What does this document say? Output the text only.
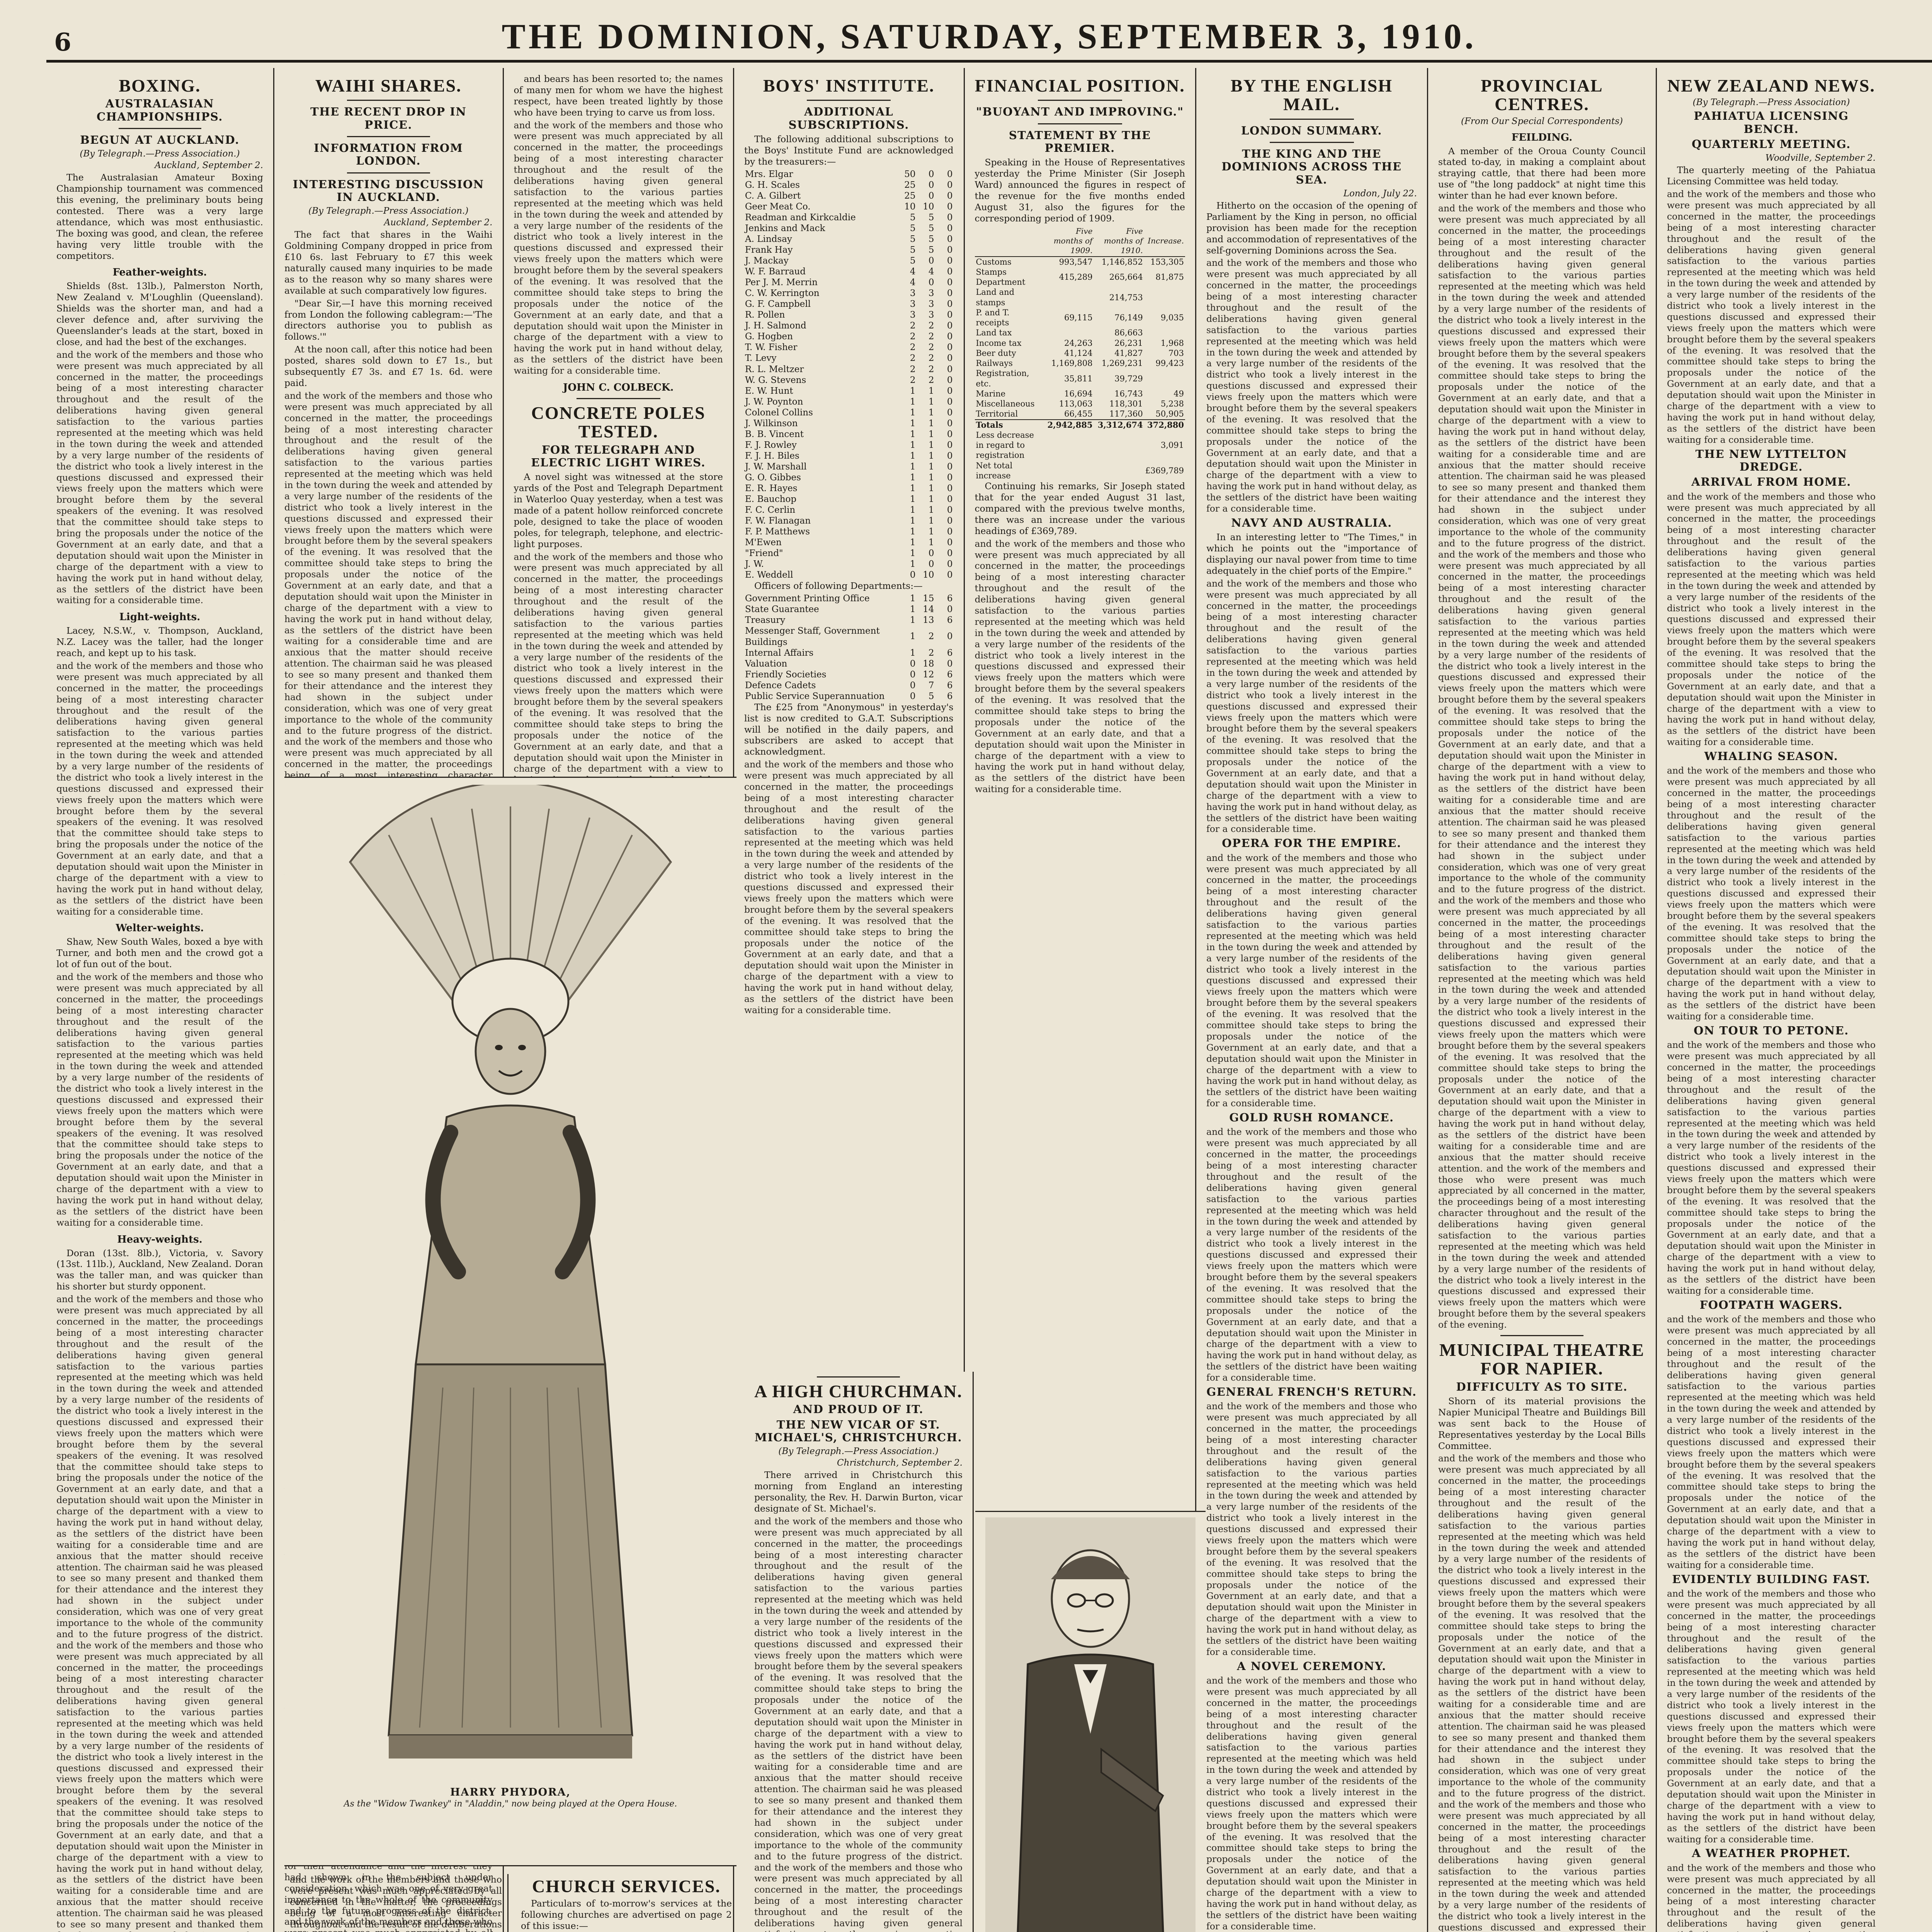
6	THE DOMINION, SATURDAY, SEPTEMBER 3, 1910.
BOXING.
AUSTRALASIAN CHAMPIONSHIPS.
BEGUN AT AUCKLAND.
(By Telegraph.—Press Association.)
Auckland, September 2.

The Australasian Amateur Boxing Championship tournament was commenced this evening, the preliminary bouts being contested. There was a very large attendance, which was most enthusiastic. The boxing was good, and clean, the referee having very little trouble with the competitors.

Feather-weights.

Shields (8st. 13lb.), Palmerston North, New Zealand v. M'Loughlin (Queensland). Shields was the shorter man, and had a clever defence and, after surviving the Queenslander's leads at the start, boxed in close, and had the best of the exchanges.

and the work of the members and those who were present was much appreciated by all concerned in the matter, the proceedings being of a most interesting character throughout and the result of the deliberations having given general satisfaction to the various parties represented at the meeting which was held in the town during the week and attended by a very large number of the residents of the district who took a lively interest in the questions discussed and expressed their views freely upon the matters which were brought before them by the several speakers of the evening. It was resolved that the committee should take steps to bring the proposals under the notice of the Government at an early date, and that a deputation should wait upon the Minister in charge of the department with a view to having the work put in hand without delay, as the settlers of the district have been waiting for a considerable time.
Light-weights.

Lacey, N.S.W., v. Thompson, Auckland, N.Z. Lacey was the taller, had the longer reach, and kept up to his task.

and the work of the members and those who were present was much appreciated by all concerned in the matter, the proceedings being of a most interesting character throughout and the result of the deliberations having given general satisfaction to the various parties represented at the meeting which was held in the town during the week and attended by a very large number of the residents of the district who took a lively interest in the questions discussed and expressed their views freely upon the matters which were brought before them by the several speakers of the evening. It was resolved that the committee should take steps to bring the proposals under the notice of the Government at an early date, and that a deputation should wait upon the Minister in charge of the department with a view to having the work put in hand without delay, as the settlers of the district have been waiting for a considerable time.
Welter-weights.

Shaw, New South Wales, boxed a bye with Turner, and both men and the crowd got a lot of fun out of the bout.

and the work of the members and those who were present was much appreciated by all concerned in the matter, the proceedings being of a most interesting character throughout and the result of the deliberations having given general satisfaction to the various parties represented at the meeting which was held in the town during the week and attended by a very large number of the residents of the district who took a lively interest in the questions discussed and expressed their views freely upon the matters which were brought before them by the several speakers of the evening. It was resolved that the committee should take steps to bring the proposals under the notice of the Government at an early date, and that a deputation should wait upon the Minister in charge of the department with a view to having the work put in hand without delay, as the settlers of the district have been waiting for a considerable time.
Heavy-weights.

Doran (13st. 8lb.), Victoria, v. Savory (13st. 11lb.), Auckland, New Zealand. Doran was the taller man, and was quicker than his shorter but sturdy opponent.

and the work of the members and those who were present was much appreciated by all concerned in the matter, the proceedings being of a most interesting character throughout and the result of the deliberations having given general satisfaction to the various parties represented at the meeting which was held in the town during the week and attended by a very large number of the residents of the district who took a lively interest in the questions discussed and expressed their views freely upon the matters which were brought before them by the several speakers of the evening. It was resolved that the committee should take steps to bring the proposals under the notice of the Government at an early date, and that a deputation should wait upon the Minister in charge of the department with a view to having the work put in hand without delay, as the settlers of the district have been waiting for a considerable time and are anxious that the matter should receive attention. The chairman said he was pleased to see so many present and thanked them for their attendance and the interest they had shown in the subject under consideration, which was one of very great importance to the whole of the community and to the future progress of the district. and the work of the members and those who were present was much appreciated by all concerned in the matter, the proceedings being of a most interesting character throughout and the result of the deliberations having given general satisfaction to the various parties represented at the meeting which was held in the town during the week and attended by a very large number of the residents of the district who took a lively interest in the questions discussed and expressed their views freely upon the matters which were brought before them by the several speakers of the evening. It was resolved that the committee should take steps to bring the proposals under the notice of the Government at an early date, and that a deputation should wait upon the Minister in charge of the department with a view to having the work put in hand without delay, as the settlers of the district have been waiting for a considerable time and are anxious that the matter should receive attention. The chairman said he was pleased to see so many present and thanked them for their attendance and the interest they had shown in the subject under consideration, which was one of very great importance to the whole of the community and to the future progress of the district. and the work of the members and those who were present was much appreciated by all concerned in the matter, the proceedings being of a most interesting character throughout and the result of the deliberations having given general satisfaction to the various parties represented at the meeting which was held in the town during the week and attended by a very large number of the residents of the district who took a lively interest in the questions discussed and expressed their views freely upon the matters which were brought before them by the several speakers of the evening. It was resolved that the committee should take steps to bring the proposals under the notice of the Government at an early date, and that a deputation should wait upon the Minister in charge of the department with a view to having the work put in hand without delay, as the settlers of the district have been waiting for a considerable time and are anxious that the matter should receive attention. and the work of the members and those who were present was much appreciated by all concerned in the matter, the proceedings being of a most interesting character throughout and the result of the deliberations having given general satisfaction to the various parties represented at the meeting which was held in the town during the week and attended by a very large number of the residents of the district who took a lively interest in the questions discussed and expressed their views freely upon the matters which were brought before them by the several speakers of the evening.

WAIHI SHARES.
THE RECENT DROP IN PRICE.
INFORMATION FROM LONDON.
INTERESTING DISCUSSION IN AUCKLAND.
(By Telegraph.—Press Association.)
Auckland, September 2.

The fact that shares in the Waihi Goldmining Company dropped in price from £10 6s. last February to £7 this week naturally caused many inquiries to be made as to the reason why so many shares were available at such comparatively low figures.

"Dear Sir,—I have this morning received from London the following cablegram:—'The directors authorise you to publish as follows.'"

At the noon call, after this notice had been posted, shares sold down to £7 1s., but subsequently £7 3s. and £7 1s. 6d. were paid.

and the work of the members and those who were present was much appreciated by all concerned in the matter, the proceedings being of a most interesting character throughout and the result of the deliberations having given general satisfaction to the various parties represented at the meeting which was held in the town during the week and attended by a very large number of the residents of the district who took a lively interest in the questions discussed and expressed their views freely upon the matters which were brought before them by the several speakers of the evening. It was resolved that the committee should take steps to bring the proposals under the notice of the Government at an early date, and that a deputation should wait upon the Minister in charge of the department with a view to having the work put in hand without delay, as the settlers of the district have been waiting for a considerable time and are anxious that the matter should receive attention. The chairman said he was pleased to see so many present and thanked them for their attendance and the interest they had shown in the subject under consideration, which was one of very great importance to the whole of the community and to the future progress of the district. and the work of the members and those who were present was much appreciated by all concerned in the matter, the proceedings being of a most interesting character throughout and the result of the deliberations having given general satisfaction to the various parties represented at the meeting which was held in the town during the week and attended by a very large number of the residents of the district who took a lively interest in the questions discussed and expressed their views freely upon the matters which were brought before them by the several speakers of the evening. It was resolved that the committee should take steps to bring the proposals under the notice of the Government at an early date, and that a deputation should wait upon the Minister in charge of the department with a view to having the work put in hand without delay, as the settlers of the district have been waiting for a considerable time and are anxious that the matter should receive attention. The chairman said he was pleased to see so many present and thanked them for their attendance and the interest they had shown in the subject under consideration, which was one of very great importance to the whole of the community and to the future progress of the district. and the work of the members and those who were present was much appreciated by all concerned in the matter, the proceedings being of a most interesting character throughout and the result of the deliberations having given general satisfaction to the various parties represented at the meeting which was held in the town during the week and attended by a very large number of the residents of the district who took a lively interest in the questions discussed and expressed their views freely upon the matters which were brought before them by the several speakers of the evening. It was resolved that the committee should take steps to bring the proposals under the notice of the Government at an early date, and that a deputation should wait upon the Minister in charge of the department with a view to having the work put in hand without delay, as the settlers of the district have been waiting for a considerable time and are anxious that the matter should receive attention. and the work of the members and those who were present was much appreciated by all concerned in the matter, the proceedings being of a most interesting character throughout and the result of the deliberations having given general satisfaction to the various parties represented at the meeting which was held in the town during the week and attended by a very large number of the residents of the district who took a lively interest in the questions discussed and expressed their views freely upon the matters which were brought before them by the several speakers of the evening.

and the work of the members and those who were present was much appreciated by all concerned in the matter, the proceedings being of a most interesting character throughout and the result of the deliberations having given general satisfaction to the various parties represented at the meeting which was held in the town during the week and attended by a very large number of the residents of the district who took a lively interest in the questions discussed and expressed their views freely upon the matters which were brought before them by the several speakers of the evening. It was resolved that the committee should take steps to bring the proposals under the notice of the Government at an early date, and that a deputation should wait upon the Minister in charge of the department with a view to having the work put in hand without delay, as the settlers of the district have been waiting for a considerable time and are anxious that the matter should receive attention. The chairman said he was pleased to see so many present and thanked them for their attendance and the interest they had shown in the subject under consideration, which was one of very great importance to the whole of the community and to the future progress of the district. and the work of the members and those who were present was much appreciated by all concerned in the matter, the proceedings being of a most interesting character throughout and the result of the deliberations having given general satisfaction to the various parties represented at the meeting which was held in the town during the week and attended by a very large number of the residents of the district who took a lively interest in the questions discussed and expressed their views freely upon the matters which were brought before them by the several speakers of the evening. It was resolved that the committee should take steps to bring the proposals under the notice of the Government at an early date, and that a deputation should wait upon the Minister in charge of the department with a view to having the work put in hand without delay, as the settlers of the district have been waiting for a considerable time and are anxious that the matter should receive attention. The chairman said he was pleased to see so many present and thanked them for their attendance and the interest they had shown in the subject under consideration, which was one of very great importance to the whole of the community and to the future progress of the district. and the work of the members and those who were present was much appreciated by all concerned in the matter, the proceedings being of a most interesting character throughout and the result of the deliberations having given general satisfaction to the various parties represented at the meeting which was held in the town during the week and attended by a very large number of the residents of the district who took a lively interest in the questions discussed and expressed their views freely upon the matters which were brought before them by the several speakers of the evening. It was resolved that the committee should take steps to bring the proposals under the notice of the Government at an early date, and that a deputation should wait upon the Minister in charge of the department with a view to having the work put in hand without delay, as the settlers of the district have been waiting for a considerable time and are anxious that the matter should receive attention. and the work of the members and those who were present was much appreciated by all concerned in the matter, the proceedings being of a most interesting character throughout and the result of the deliberations having given general satisfaction to the various parties represented at the meeting which was held in the town during the week and attended by a very large number of the residents of the district who took a lively interest in the questions discussed and expressed their views freely upon the matters which were brought before them by the several speakers of the evening.

and bears has been resorted to; the names of many men for whom we have the highest respect, have been treated lightly by those who have been trying to carve us from loss.

and the work of the members and those who were present was much appreciated by all concerned in the matter, the proceedings being of a most interesting character throughout and the result of the deliberations having given general satisfaction to the various parties represented at the meeting which was held in the town during the week and attended by a very large number of the residents of the district who took a lively interest in the questions discussed and expressed their views freely upon the matters which were brought before them by the several speakers of the evening. It was resolved that the committee should take steps to bring the proposals under the notice of the Government at an early date, and that a deputation should wait upon the Minister in charge of the department with a view to having the work put in hand without delay, as the settlers of the district have been waiting for a considerable time.
JOHN C. COLBECK.
CONCRETE POLES TESTED.
FOR TELEGRAPH AND ELECTRIC LIGHT WIRES.

A novel sight was witnessed at the store yards of the Post and Telegraph Department in Waterloo Quay yesterday, when a test was made of a patent hollow reinforced concrete pole, designed to take the place of wooden poles, for telegraph, telephone, and electric-light purposes.

and the work of the members and those who were present was much appreciated by all concerned in the matter, the proceedings being of a most interesting character throughout and the result of the deliberations having given general satisfaction to the various parties represented at the meeting which was held in the town during the week and attended by a very large number of the residents of the district who took a lively interest in the questions discussed and expressed their views freely upon the matters which were brought before them by the several speakers of the evening. It was resolved that the committee should take steps to bring the proposals under the notice of the Government at an early date, and that a deputation should wait upon the Minister in charge of the department with a view to having the work put in hand without delay, as the settlers of the district have been waiting for a considerable time.
BOYS' INSTITUTE.
ADDITIONAL SUBSCRIPTIONS.

The following additional subscriptions to the Boys' Institute Fund are acknowledged by the treasurers:—

Mrs. Elgar	50	0	0
G. H. Scales	25	0	0
C. A. Gilbert	25	0	0
Geer Meat Co.	10	10	0
Readman and Kirkcaldie	5	5	0
Jenkins and Mack	5	5	0
A. Lindsay	5	5	0
Frank Hay	5	5	0
J. Mackay	5	0	0
W. F. Barraud	4	4	0
Per J. M. Merrin	4	0	0
C. W. Kerrington	3	3	0
G. F. Campbell	3	3	0
R. Pollen	3	3	0
J. H. Salmond	2	2	0
G. Hogben	2	2	0
T. W. Fisher	2	2	0
T. Levy	2	2	0
R. L. Meltzer	2	2	0
W. G. Stevens	2	2	0
E. W. Hunt	1	1	0
J. W. Poynton	1	1	0
Colonel Collins	1	1	0
J. Wilkinson	1	1	0
B. B. Vincent	1	1	0
F. J. Rowley	1	1	0
F. J. H. Biles	1	1	0
J. W. Marshall	1	1	0
G. O. Gibbes	1	1	0
E. R. Hayes	1	1	0
E. Bauchop	1	1	0
F. C. Cerlin	1	1	0
F. W. Flanagan	1	1	0
F. P. Matthews	1	1	0
M'Ewen	1	1	0
"Friend"	1	0	0
J. W.	1	0	0
E. Weddell	0	10	0

Officers of following Departments:—

Government Printing Office	1	15	6
State Guarantee	1	14	0
Treasury	1	13	6
Messenger Staff, Government Buildings	1	2	0
Internal Affairs	1	2	6
Valuation	0	18	0
Friendly Societies	0	12	6
Defence Cadets	0	7	6
Public Service Superannuation	0	5	6

The £25 from "Anonymous" in yesterday's list is now credited to G.A.T. Subscriptions will be notified in the daily papers, and subscribers are asked to accept that acknowledgment.

and the work of the members and those who were present was much appreciated by all concerned in the matter, the proceedings being of a most interesting character throughout and the result of the deliberations having given general satisfaction to the various parties represented at the meeting which was held in the town during the week and attended by a very large number of the residents of the district who took a lively interest in the questions discussed and expressed their views freely upon the matters which were brought before them by the several speakers of the evening. It was resolved that the committee should take steps to bring the proposals under the notice of the Government at an early date, and that a deputation should wait upon the Minister in charge of the department with a view to having the work put in hand without delay, as the settlers of the district have been waiting for a considerable time.
FINANCIAL POSITION.
"BUOYANT AND IMPROVING."
STATEMENT BY THE PREMIER.

Speaking in the House of Representatives yesterday the Prime Minister (Sir Joseph Ward) announced the figures in respect of the revenue for the five months ended August 31, also the figures for the corresponding period of 1909.

	Five months of 1909.	Five months of 1910.	Increase.
Customs	993,547	1,146,852	153,305
Stamps Department	415,289	265,664	81,875
Land and stamps		214,753	
P. and T. receipts	69,115	76,149	9,035
Land tax		86,663	
Income tax	24,263	26,231	1,968
Beer duty	41,124	41,827	703
Railways	1,169,808	1,269,231	99,423
Registration, etc.	35,811	39,729	
Marine	16,694	16,743	49
Miscellaneous	113,063	118,301	5,238
Territorial	66,455	117,360	50,905
Totals	2,942,885	3,312,674	372,880
Less decrease in regard to registration			3,091
Net total increase			£369,789

Continuing his remarks, Sir Joseph stated that for the year ended August 31 last, compared with the previous twelve months, there was an increase under the various headings of £369,789.

and the work of the members and those who were present was much appreciated by all concerned in the matter, the proceedings being of a most interesting character throughout and the result of the deliberations having given general satisfaction to the various parties represented at the meeting which was held in the town during the week and attended by a very large number of the residents of the district who took a lively interest in the questions discussed and expressed their views freely upon the matters which were brought before them by the several speakers of the evening. It was resolved that the committee should take steps to bring the proposals under the notice of the Government at an early date, and that a deputation should wait upon the Minister in charge of the department with a view to having the work put in hand without delay, as the settlers of the district have been waiting for a considerable time.
BY THE ENGLISH MAIL.
LONDON SUMMARY.
THE KING AND THE DOMINIONS ACROSS THE SEA.
London, July 22.

Hitherto on the occasion of the opening of Parliament by the King in person, no official provision has been made for the reception and accommodation of representatives of the self-governing Dominions across the Sea.

and the work of the members and those who were present was much appreciated by all concerned in the matter, the proceedings being of a most interesting character throughout and the result of the deliberations having given general satisfaction to the various parties represented at the meeting which was held in the town during the week and attended by a very large number of the residents of the district who took a lively interest in the questions discussed and expressed their views freely upon the matters which were brought before them by the several speakers of the evening. It was resolved that the committee should take steps to bring the proposals under the notice of the Government at an early date, and that a deputation should wait upon the Minister in charge of the department with a view to having the work put in hand without delay, as the settlers of the district have been waiting for a considerable time.
NAVY AND AUSTRALIA.

In an interesting letter to "The Times," in which he points out the "importance of displaying our naval power from time to time adequately in the chief ports of the Empire."

and the work of the members and those who were present was much appreciated by all concerned in the matter, the proceedings being of a most interesting character throughout and the result of the deliberations having given general satisfaction to the various parties represented at the meeting which was held in the town during the week and attended by a very large number of the residents of the district who took a lively interest in the questions discussed and expressed their views freely upon the matters which were brought before them by the several speakers of the evening. It was resolved that the committee should take steps to bring the proposals under the notice of the Government at an early date, and that a deputation should wait upon the Minister in charge of the department with a view to having the work put in hand without delay, as the settlers of the district have been waiting for a considerable time.
OPERA FOR THE EMPIRE.
and the work of the members and those who were present was much appreciated by all concerned in the matter, the proceedings being of a most interesting character throughout and the result of the deliberations having given general satisfaction to the various parties represented at the meeting which was held in the town during the week and attended by a very large number of the residents of the district who took a lively interest in the questions discussed and expressed their views freely upon the matters which were brought before them by the several speakers of the evening. It was resolved that the committee should take steps to bring the proposals under the notice of the Government at an early date, and that a deputation should wait upon the Minister in charge of the department with a view to having the work put in hand without delay, as the settlers of the district have been waiting for a considerable time.
GOLD RUSH ROMANCE.
and the work of the members and those who were present was much appreciated by all concerned in the matter, the proceedings being of a most interesting character throughout and the result of the deliberations having given general satisfaction to the various parties represented at the meeting which was held in the town during the week and attended by a very large number of the residents of the district who took a lively interest in the questions discussed and expressed their views freely upon the matters which were brought before them by the several speakers of the evening. It was resolved that the committee should take steps to bring the proposals under the notice of the Government at an early date, and that a deputation should wait upon the Minister in charge of the department with a view to having the work put in hand without delay, as the settlers of the district have been waiting for a considerable time.
GENERAL FRENCH'S RETURN.
and the work of the members and those who were present was much appreciated by all concerned in the matter, the proceedings being of a most interesting character throughout and the result of the deliberations having given general satisfaction to the various parties represented at the meeting which was held in the town during the week and attended by a very large number of the residents of the district who took a lively interest in the questions discussed and expressed their views freely upon the matters which were brought before them by the several speakers of the evening. It was resolved that the committee should take steps to bring the proposals under the notice of the Government at an early date, and that a deputation should wait upon the Minister in charge of the department with a view to having the work put in hand without delay, as the settlers of the district have been waiting for a considerable time.
A NOVEL CEREMONY.
and the work of the members and those who were present was much appreciated by all concerned in the matter, the proceedings being of a most interesting character throughout and the result of the deliberations having given general satisfaction to the various parties represented at the meeting which was held in the town during the week and attended by a very large number of the residents of the district who took a lively interest in the questions discussed and expressed their views freely upon the matters which were brought before them by the several speakers of the evening. It was resolved that the committee should take steps to bring the proposals under the notice of the Government at an early date, and that a deputation should wait upon the Minister in charge of the department with a view to having the work put in hand without delay, as the settlers of the district have been waiting for a considerable time.
PROVINCIAL CENTRES.
(From Our Special Correspondents)
FEILDING.

A member of the Oroua County Council stated to-day, in making a complaint about straying cattle, that there had been more use of "the long paddock" at night time this winter than he had ever known before.

and the work of the members and those who were present was much appreciated by all concerned in the matter, the proceedings being of a most interesting character throughout and the result of the deliberations having given general satisfaction to the various parties represented at the meeting which was held in the town during the week and attended by a very large number of the residents of the district who took a lively interest in the questions discussed and expressed their views freely upon the matters which were brought before them by the several speakers of the evening. It was resolved that the committee should take steps to bring the proposals under the notice of the Government at an early date, and that a deputation should wait upon the Minister in charge of the department with a view to having the work put in hand without delay, as the settlers of the district have been waiting for a considerable time and are anxious that the matter should receive attention. The chairman said he was pleased to see so many present and thanked them for their attendance and the interest they had shown in the subject under consideration, which was one of very great importance to the whole of the community and to the future progress of the district. and the work of the members and those who were present was much appreciated by all concerned in the matter, the proceedings being of a most interesting character throughout and the result of the deliberations having given general satisfaction to the various parties represented at the meeting which was held in the town during the week and attended by a very large number of the residents of the district who took a lively interest in the questions discussed and expressed their views freely upon the matters which were brought before them by the several speakers of the evening. It was resolved that the committee should take steps to bring the proposals under the notice of the Government at an early date, and that a deputation should wait upon the Minister in charge of the department with a view to having the work put in hand without delay, as the settlers of the district have been waiting for a considerable time and are anxious that the matter should receive attention. The chairman said he was pleased to see so many present and thanked them for their attendance and the interest they had shown in the subject under consideration, which was one of very great importance to the whole of the community and to the future progress of the district. and the work of the members and those who were present was much appreciated by all concerned in the matter, the proceedings being of a most interesting character throughout and the result of the deliberations having given general satisfaction to the various parties represented at the meeting which was held in the town during the week and attended by a very large number of the residents of the district who took a lively interest in the questions discussed and expressed their views freely upon the matters which were brought before them by the several speakers of the evening. It was resolved that the committee should take steps to bring the proposals under the notice of the Government at an early date, and that a deputation should wait upon the Minister in charge of the department with a view to having the work put in hand without delay, as the settlers of the district have been waiting for a considerable time and are anxious that the matter should receive attention. and the work of the members and those who were present was much appreciated by all concerned in the matter, the proceedings being of a most interesting character throughout and the result of the deliberations having given general satisfaction to the various parties represented at the meeting which was held in the town during the week and attended by a very large number of the residents of the district who took a lively interest in the questions discussed and expressed their views freely upon the matters which were brought before them by the several speakers of the evening.
MUNICIPAL THEATRE FOR NAPIER.
DIFFICULTY AS TO SITE.

Shorn of its material provisions the Napier Municipal Theatre and Buildings Bill was sent back to the House of Representatives yesterday by the Local Bills Committee.

and the work of the members and those who were present was much appreciated by all concerned in the matter, the proceedings being of a most interesting character throughout and the result of the deliberations having given general satisfaction to the various parties represented at the meeting which was held in the town during the week and attended by a very large number of the residents of the district who took a lively interest in the questions discussed and expressed their views freely upon the matters which were brought before them by the several speakers of the evening. It was resolved that the committee should take steps to bring the proposals under the notice of the Government at an early date, and that a deputation should wait upon the Minister in charge of the department with a view to having the work put in hand without delay, as the settlers of the district have been waiting for a considerable time and are anxious that the matter should receive attention. The chairman said he was pleased to see so many present and thanked them for their attendance and the interest they had shown in the subject under consideration, which was one of very great importance to the whole of the community and to the future progress of the district. and the work of the members and those who were present was much appreciated by all concerned in the matter, the proceedings being of a most interesting character throughout and the result of the deliberations having given general satisfaction to the various parties represented at the meeting which was held in the town during the week and attended by a very large number of the residents of the district who took a lively interest in the questions discussed and expressed their views freely upon the matters which were brought before them by the several speakers of the evening. It was resolved that the committee should take steps to bring the proposals under the notice of the Government at an early date, and that a deputation should wait upon the Minister in charge of the department with a view to having the work put in hand without delay, as the settlers of the district have been waiting for a considerable time and are anxious that the matter should receive attention. The chairman said he was pleased to see so many present and thanked them for their attendance and the interest they had shown in the subject under consideration, which was one of very great importance to the whole of the community and to the future progress of the district. and the work of the members and those who were present was much appreciated by all concerned in the matter, the proceedings being of a most interesting character throughout and the result of the deliberations having given general satisfaction to the various parties represented at the meeting which was held in the town during the week and attended by a very large number of the residents of the district who took a lively interest in the questions discussed and expressed their views freely upon the matters which were brought before them by the several speakers of the evening. It was resolved that the committee should take steps to bring the proposals under the notice of the Government at an early date, and that a deputation should wait upon the Minister in charge of the department with a view to having the work put in hand without delay, as the settlers of the district have been waiting for a considerable time and are anxious that the matter should receive attention. and the work of the members and those who were present was much appreciated by all concerned in the matter, the proceedings being of a most interesting character throughout and the result of the deliberations having given general satisfaction to the various parties represented at the meeting which was held in the town during the week and attended by a very large number of the residents of the district who took a lively interest in the questions discussed and expressed their views freely upon the matters which were brought before them by the several speakers of the evening.

NEW ZEALAND NEWS.
(By Telegraph.—Press Association)
PAHIATUA LICENSING BENCH.
QUARTERLY MEETING.
Woodville, September 2.

The quarterly meeting of the Pahiatua Licensing Committee was held today.

and the work of the members and those who were present was much appreciated by all concerned in the matter, the proceedings being of a most interesting character throughout and the result of the deliberations having given general satisfaction to the various parties represented at the meeting which was held in the town during the week and attended by a very large number of the residents of the district who took a lively interest in the questions discussed and expressed their views freely upon the matters which were brought before them by the several speakers of the evening. It was resolved that the committee should take steps to bring the proposals under the notice of the Government at an early date, and that a deputation should wait upon the Minister in charge of the department with a view to having the work put in hand without delay, as the settlers of the district have been waiting for a considerable time.
THE NEW LYTTELTON DREDGE.
ARRIVAL FROM HOME.
and the work of the members and those who were present was much appreciated by all concerned in the matter, the proceedings being of a most interesting character throughout and the result of the deliberations having given general satisfaction to the various parties represented at the meeting which was held in the town during the week and attended by a very large number of the residents of the district who took a lively interest in the questions discussed and expressed their views freely upon the matters which were brought before them by the several speakers of the evening. It was resolved that the committee should take steps to bring the proposals under the notice of the Government at an early date, and that a deputation should wait upon the Minister in charge of the department with a view to having the work put in hand without delay, as the settlers of the district have been waiting for a considerable time.
WHALING SEASON.
and the work of the members and those who were present was much appreciated by all concerned in the matter, the proceedings being of a most interesting character throughout and the result of the deliberations having given general satisfaction to the various parties represented at the meeting which was held in the town during the week and attended by a very large number of the residents of the district who took a lively interest in the questions discussed and expressed their views freely upon the matters which were brought before them by the several speakers of the evening. It was resolved that the committee should take steps to bring the proposals under the notice of the Government at an early date, and that a deputation should wait upon the Minister in charge of the department with a view to having the work put in hand without delay, as the settlers of the district have been waiting for a considerable time.
ON TOUR TO PETONE.
and the work of the members and those who were present was much appreciated by all concerned in the matter, the proceedings being of a most interesting character throughout and the result of the deliberations having given general satisfaction to the various parties represented at the meeting which was held in the town during the week and attended by a very large number of the residents of the district who took a lively interest in the questions discussed and expressed their views freely upon the matters which were brought before them by the several speakers of the evening. It was resolved that the committee should take steps to bring the proposals under the notice of the Government at an early date, and that a deputation should wait upon the Minister in charge of the department with a view to having the work put in hand without delay, as the settlers of the district have been waiting for a considerable time.
FOOTPATH WAGERS.
and the work of the members and those who were present was much appreciated by all concerned in the matter, the proceedings being of a most interesting character throughout and the result of the deliberations having given general satisfaction to the various parties represented at the meeting which was held in the town during the week and attended by a very large number of the residents of the district who took a lively interest in the questions discussed and expressed their views freely upon the matters which were brought before them by the several speakers of the evening. It was resolved that the committee should take steps to bring the proposals under the notice of the Government at an early date, and that a deputation should wait upon the Minister in charge of the department with a view to having the work put in hand without delay, as the settlers of the district have been waiting for a considerable time.
EVIDENTLY BUILDING FAST.
and the work of the members and those who were present was much appreciated by all concerned in the matter, the proceedings being of a most interesting character throughout and the result of the deliberations having given general satisfaction to the various parties represented at the meeting which was held in the town during the week and attended by a very large number of the residents of the district who took a lively interest in the questions discussed and expressed their views freely upon the matters which were brought before them by the several speakers of the evening. It was resolved that the committee should take steps to bring the proposals under the notice of the Government at an early date, and that a deputation should wait upon the Minister in charge of the department with a view to having the work put in hand without delay, as the settlers of the district have been waiting for a considerable time.
A WEATHER PROPHET.
and the work of the members and those who were present was much appreciated by all concerned in the matter, the proceedings being of a most interesting character throughout and the result of the deliberations having given general satisfaction to the various parties represented at the meeting which was held in the town during the week and attended by a very large number of the residents of the district who took a lively interest in the questions discussed and expressed their views freely upon the matters which were brought before them by the several speakers of the evening. It was resolved that the committee should take steps to bring the proposals under the notice of the Government at an early date, and that a deputation should wait upon the Minister in charge of the department with a view to having the work put in hand without delay, as the settlers of the district have been waiting for a considerable time.
HARRY PHYDORA,
As the "Widow Twankey" in "Aladdin," now being played at the Opera House.
CHURCH SERVICES.

Particulars of to-morrow's services at the following churches are advertised on page 2 of this issue:—

and the work of the members and those who were present was much appreciated by all concerned in the matter, the proceedings being of a most interesting character throughout and the result of the deliberations having given general satisfaction to the various parties represented at the meeting which was held in the town during the week and attended by a very large number of the residents of the district who took a lively interest in the questions discussed and expressed their views freely upon the matters which were brought before them by the several speakers of the evening. It was resolved that the committee should take steps to bring the proposals under the notice of the Government at an early date, and that a deputation should wait upon the Minister in charge of the department with a view to having the work put in hand without delay, as the settlers of the district have been waiting for a considerable time and are anxious that the matter should receive attention. The chairman said he was pleased to see so many present and thanked them for their attendance and the interest they had shown in the subject under consideration, which was one of very great importance to the whole of the community and to the future progress of the district. and the work of the members and those who were present was much appreciated by all concerned in the matter, the proceedings being of a most interesting character throughout and the result of the deliberations having given general satisfaction to the various parties represented at the meeting which was held in the town during the week and attended by a very large number of the residents of the district who took a lively interest in the questions discussed and expressed their views freely upon the matters which were brought before them by the several speakers of the evening. It was resolved that the committee should take steps to bring the proposals under the notice of the Government at an early date, and that a deputation should wait upon the Minister in charge of the department with a view to having the work put in hand without delay, as the settlers of the district have been waiting for a considerable time and are anxious that the matter should receive attention. The chairman said he was pleased to see so many present and thanked them for their attendance and the interest they had shown in the subject under consideration, which was one of very great importance to the whole of the community and to the future progress of the district. and the work of the members and those who were present was much appreciated by all concerned in the matter, the proceedings being of a most interesting character throughout and the result of the deliberations having given general satisfaction to the various parties represented at the meeting which was held in the town during the week and attended by a very large number of the residents of the district who took a lively interest in the questions discussed and expressed their views freely upon the matters which were brought before them by the several speakers of the evening. It was resolved that the committee should take steps to bring the proposals under the notice of the Government at an early date, and that a deputation should wait upon the Minister in charge of the department with a view to having the work put in hand without delay, as the settlers of the district have been waiting for a considerable time and are anxious that the matter should receive attention. and the work of the members and those who were present was much appreciated by all concerned in the matter, the proceedings being of a most interesting character throughout and the result of the deliberations having given general satisfaction to the various parties represented at the meeting which was held in the town during the week and attended by a very large number of the residents of the district who took a lively interest in the questions discussed and expressed their views freely upon the matters which were brought before them by the several speakers of the evening.
A HIGH CHURCHMAN.
AND PROUD OF IT.
THE NEW VICAR OF ST. MICHAEL'S, CHRISTCHURCH.
(By Telegraph.—Press Association.)
Christchurch, September 2.

There arrived in Christchurch this morning from England an interesting personality, the Rev. H. Darwin Burton, vicar designate of St. Michael's.

and the work of the members and those who were present was much appreciated by all concerned in the matter, the proceedings being of a most interesting character throughout and the result of the deliberations having given general satisfaction to the various parties represented at the meeting which was held in the town during the week and attended by a very large number of the residents of the district who took a lively interest in the questions discussed and expressed their views freely upon the matters which were brought before them by the several speakers of the evening. It was resolved that the committee should take steps to bring the proposals under the notice of the Government at an early date, and that a deputation should wait upon the Minister in charge of the department with a view to having the work put in hand without delay, as the settlers of the district have been waiting for a considerable time and are anxious that the matter should receive attention. The chairman said he was pleased to see so many present and thanked them for their attendance and the interest they had shown in the subject under consideration, which was one of very great importance to the whole of the community and to the future progress of the district. and the work of the members and those who were present was much appreciated by all concerned in the matter, the proceedings being of a most interesting character throughout and the result of the deliberations having given general satisfaction to the various parties represented at the meeting which was held in the town during the week and attended by a very large number of the residents of the district who took a lively interest in the questions discussed and expressed their views freely upon the matters which were brought before them by the several speakers of the evening. It was resolved that the committee should take steps to bring the proposals under the notice of the Government at an early date, and that a deputation should wait upon the Minister in charge of the department with a view to having the work put in hand without delay, as the settlers of the district have been waiting for a considerable time and are anxious that the matter should receive attention. The chairman said he was pleased to see so many present and thanked them for their attendance and the interest they had shown in the subject under consideration, which was one of very great importance to the whole of the community and to the future progress of the district. and the work of the members and those who were present was much appreciated by all concerned in the matter, the proceedings being of a most interesting character throughout and the result of the deliberations having given general satisfaction to the various parties represented at the meeting which was held in the town during the week and attended by a very large number of the residents of the district who took a lively interest in the questions discussed and expressed their views freely upon the matters which were brought before them by the several speakers of the evening. It was resolved that the committee should take steps to bring the proposals under the notice of the Government at an early date, and that a deputation should wait upon the Minister in charge of the department with a view to having the work put in hand without delay, as the settlers of the district have been waiting for a considerable time and are anxious that the matter should receive attention. and the work of the members and those who were present was much appreciated by all concerned in the matter, the proceedings being of a most interesting character throughout and the result of the deliberations having given general satisfaction to the various parties represented at the meeting which was held in the town during the week and attended by a very large number of the residents of the district who took a lively interest in the questions discussed and expressed their views freely upon the matters which were brought before them by the several speakers of the evening.
